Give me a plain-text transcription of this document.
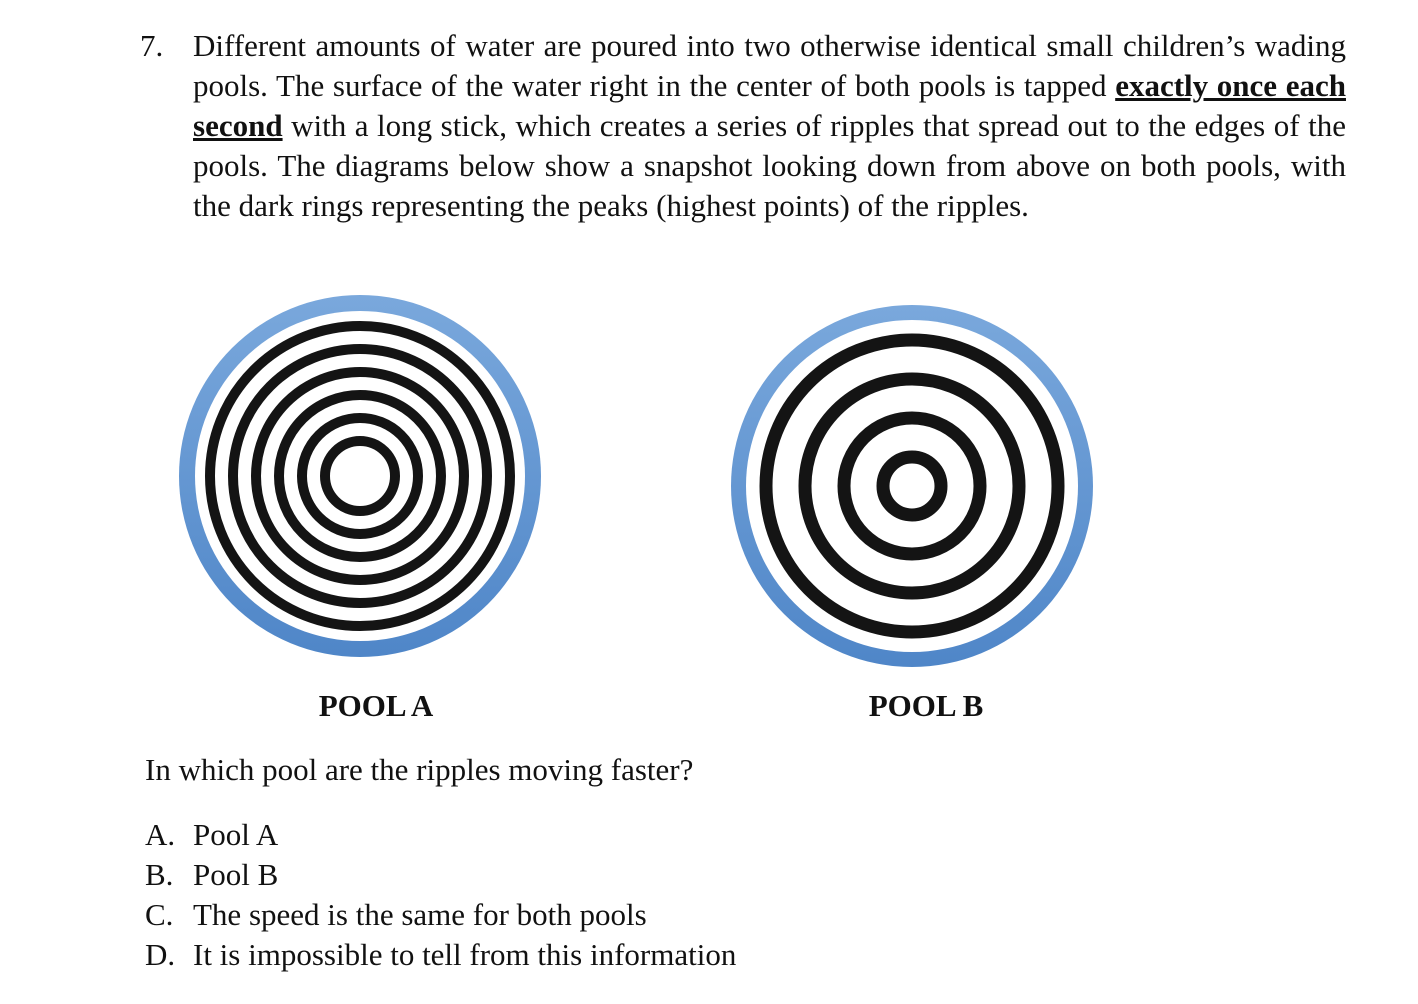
7. Different amounts of water are poured into two otherwise identical small children’s wading pools. The surface of the water right in the center of both pools is tapped exactly once each second with a long stick, which creates a series of ripples that spread out to the edges of the pools. The diagrams below show a snapshot looking down from above on both pools, with the dark rings representing the peaks (highest points) of the ripples.
POOL A	POOL B
In which pool are the ripples moving faster?
A. Pool A
B. Pool B
C. The speed is the same for both pools
D. It is impossible to tell from this information
